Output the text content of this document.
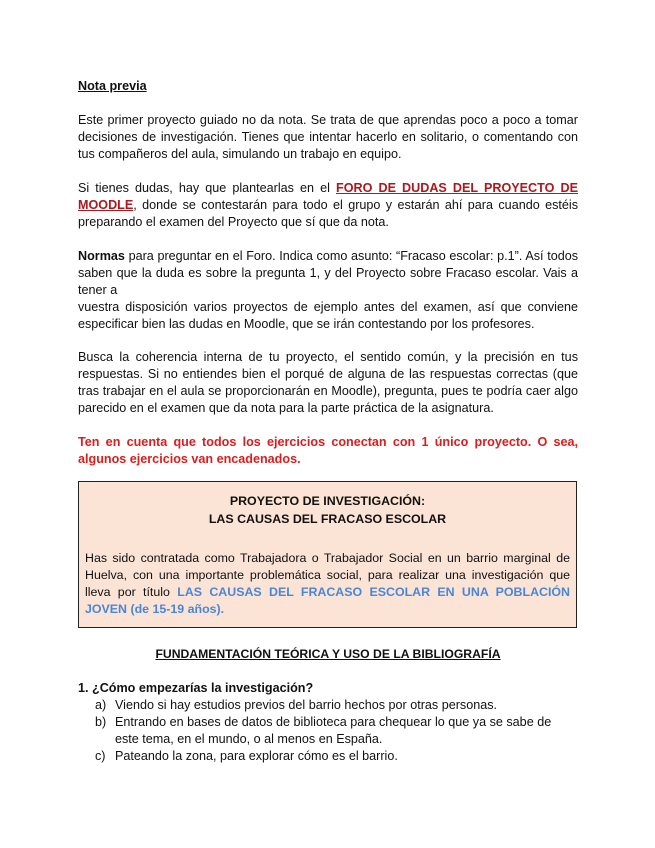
Nota previa
Este primer proyecto guiado no da nota. Se trata de que aprendas poco a poco a tomar decisiones de investigación. Tienes que intentar hacerlo en solitario, o comentando con tus compañeros del aula, simulando un trabajo en equipo.
Si tienes dudas, hay que plantearlas en el FORO DE DUDAS DEL PROYECTO DE MOODLE, donde se contestarán para todo el grupo y estarán ahí para cuando estéis preparando el examen del Proyecto que sí que da nota.
Normas para preguntar en el Foro. Indica como asunto: “Fracaso escolar: p.1”. Así todos saben que la duda es sobre la pregunta 1, y del Proyecto sobre Fracaso escolar. Vais a tener a
vuestra disposición varios proyectos de ejemplo antes del examen, así que conviene especificar bien las dudas en Moodle, que se irán contestando por los profesores.
Busca la coherencia interna de tu proyecto, el sentido común, y la precisión en tus respuestas. Si no entiendes bien el porqué de alguna de las respuestas correctas (que tras trabajar en el aula se proporcionarán en Moodle), pregunta, pues te podría caer algo parecido en el examen que da nota para la parte práctica de la asignatura.
Ten en cuenta que todos los ejercicios conectan con 1 único proyecto. O sea, algunos ejercicios van encadenados.
PROYECTO DE INVESTIGACIÓN:
LAS CAUSAS DEL FRACASO ESCOLAR
Has sido contratada como Trabajadora o Trabajador Social en un barrio marginal de Huelva, con una importante problemática social, para realizar una investigación que lleva por título LAS CAUSAS DEL FRACASO ESCOLAR EN UNA POBLACIÓN JOVEN (de 15-19 años).
FUNDAMENTACIÓN TEÓRICA Y USO DE LA BIBLIOGRAFÍA
1. ¿Cómo empezarías la investigación?
a) Viendo si hay estudios previos del barrio hechos por otras personas.
b) Entrando en bases de datos de biblioteca para chequear lo que ya se sabe de este tema, en el mundo, o al menos en España.
c) Pateando la zona, para explorar cómo es el barrio.
